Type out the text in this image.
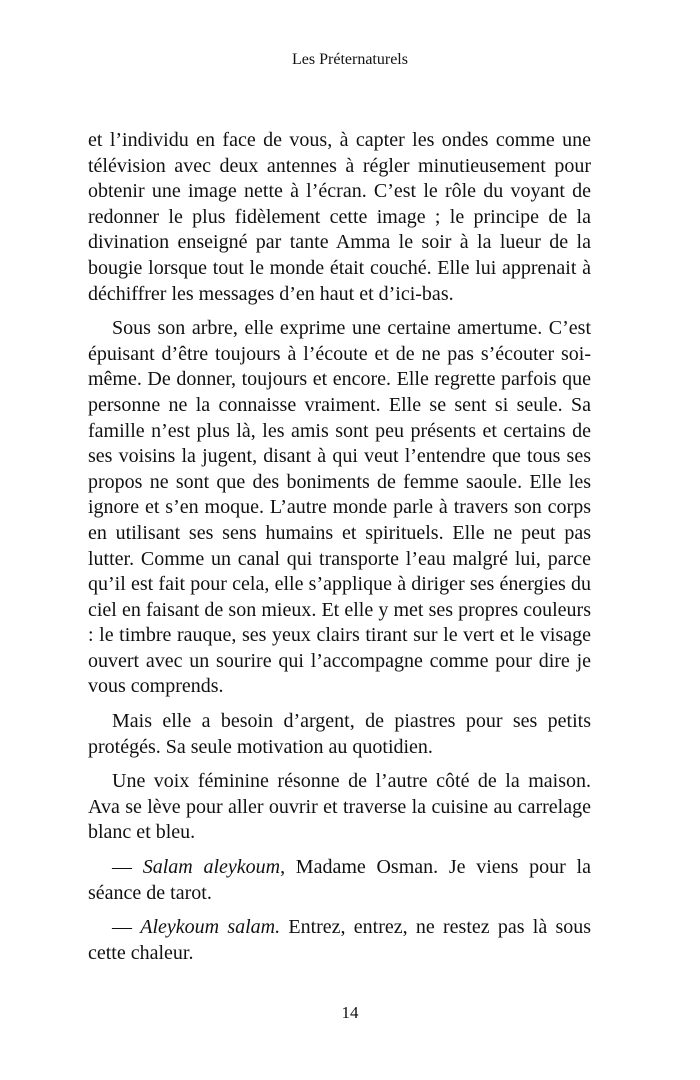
Les Préternaturels

et l’individu en face de vous, à capter les ondes comme une télévision avec deux antennes à régler minutieusement pour obtenir une image nette à l’écran. C’est le rôle du voyant de redonner le plus fidèlement cette image ; le principe de la divination enseigné par tante Amma le soir à la lueur de la bougie lorsque tout le monde était couché. Elle lui apprenait à déchiffrer les messages d’en haut et d’ici-bas.

Sous son arbre, elle exprime une certaine amertume. C’est épuisant d’être toujours à l’écoute et de ne pas s’écouter soi-même. De donner, toujours et encore. Elle regrette parfois que personne ne la connaisse vraiment. Elle se sent si seule. Sa famille n’est plus là, les amis sont peu présents et certains de ses voisins la jugent, disant à qui veut l’entendre que tous ses propos ne sont que des boniments de femme saoule. Elle les ignore et s’en moque. L’autre monde parle à travers son corps en utilisant ses sens humains et spirituels. Elle ne peut pas lutter. Comme un canal qui transporte l’eau malgré lui, parce qu’il est fait pour cela, elle s’applique à diriger ses énergies du ciel en faisant de son mieux. Et elle y met ses propres couleurs : le timbre rauque, ses yeux clairs tirant sur le vert et le visage ouvert avec un sourire qui l’accompagne comme pour dire je vous comprends.

Mais elle a besoin d’argent, de piastres pour ses petits protégés. Sa seule motivation au quotidien.

Une voix féminine résonne de l’autre côté de la maison. Ava se lève pour aller ouvrir et traverse la cuisine au carrelage blanc et bleu.

— Salam aleykoum, Madame Osman. Je viens pour la séance de tarot.

— Aleykoum salam. Entrez, entrez, ne restez pas là sous cette chaleur.

14
